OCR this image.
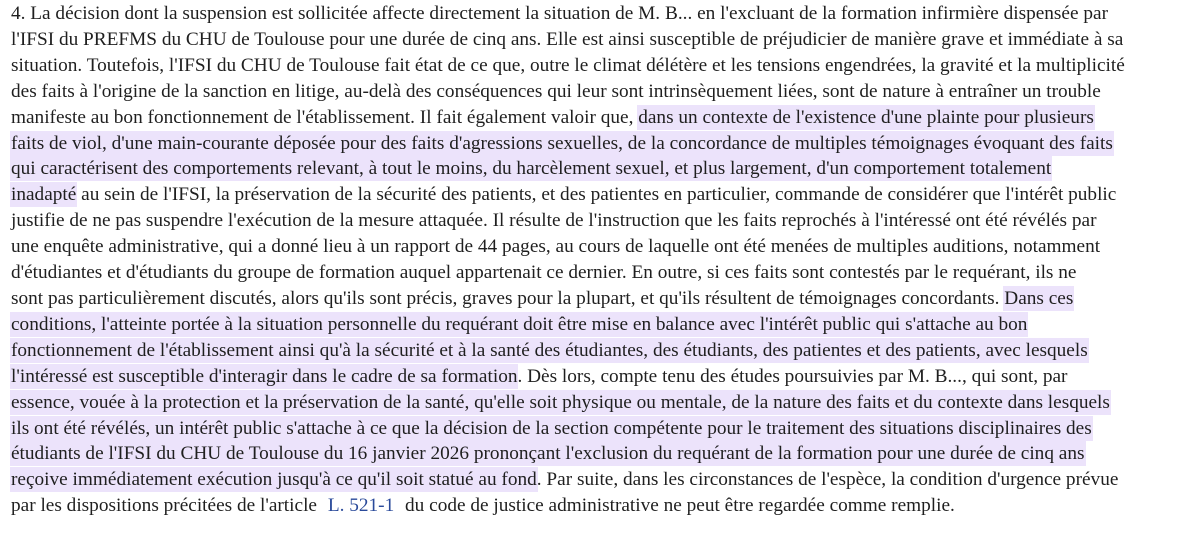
4. La décision dont la suspension est sollicitée affecte directement la situation de M. B... en l'excluant de la formation infirmière dispensée par
l'IFSI du PREFMS du CHU de Toulouse pour une durée de cinq ans. Elle est ainsi susceptible de préjudicier de manière grave et immédiate à sa
situation. Toutefois, l'IFSI du CHU de Toulouse fait état de ce que, outre le climat délétère et les tensions engendrées, la gravité et la multiplicité
des faits à l'origine de la sanction en litige, au-delà des conséquences qui leur sont intrinsèquement liées, sont de nature à entraîner un trouble
manifeste au bon fonctionnement de l'établissement. Il fait également valoir que, dans un contexte de l'existence d'une plainte pour plusieurs
faits de viol, d'une main-courante déposée pour des faits d'agressions sexuelles, de la concordance de multiples témoignages évoquant des faits
qui caractérisent des comportements relevant, à tout le moins, du harcèlement sexuel, et plus largement, d'un comportement totalement
inadapté au sein de l'IFSI, la préservation de la sécurité des patients, et des patientes en particulier, commande de considérer que l'intérêt public
justifie de ne pas suspendre l'exécution de la mesure attaquée. Il résulte de l'instruction que les faits reprochés à l'intéressé ont été révélés par
une enquête administrative, qui a donné lieu à un rapport de 44 pages, au cours de laquelle ont été menées de multiples auditions, notamment
d'étudiantes et d'étudiants du groupe de formation auquel appartenait ce dernier. En outre, si ces faits sont contestés par le requérant, ils ne
sont pas particulièrement discutés, alors qu'ils sont précis, graves pour la plupart, et qu'ils résultent de témoignages concordants. Dans ces
conditions, l'atteinte portée à la situation personnelle du requérant doit être mise en balance avec l'intérêt public qui s'attache au bon
fonctionnement de l'établissement ainsi qu'à la sécurité et à la santé des étudiantes, des étudiants, des patientes et des patients, avec lesquels
l'intéressé est susceptible d'interagir dans le cadre de sa formation. Dès lors, compte tenu des études poursuivies par M. B..., qui sont, par
essence, vouée à la protection et la préservation de la santé, qu'elle soit physique ou mentale, de la nature des faits et du contexte dans lesquels
ils ont été révélés, un intérêt public s'attache à ce que la décision de la section compétente pour le traitement des situations disciplinaires des
étudiants de l'IFSI du CHU de Toulouse du 16 janvier 2026 prononçant l'exclusion du requérant de la formation pour une durée de cinq ans
reçoive immédiatement exécution jusqu'à ce qu'il soit statué au fond. Par suite, dans les circonstances de l'espèce, la condition d'urgence prévue
par les dispositions précitées de l'article L. 521-1 du code de justice administrative ne peut être regardée comme remplie.
